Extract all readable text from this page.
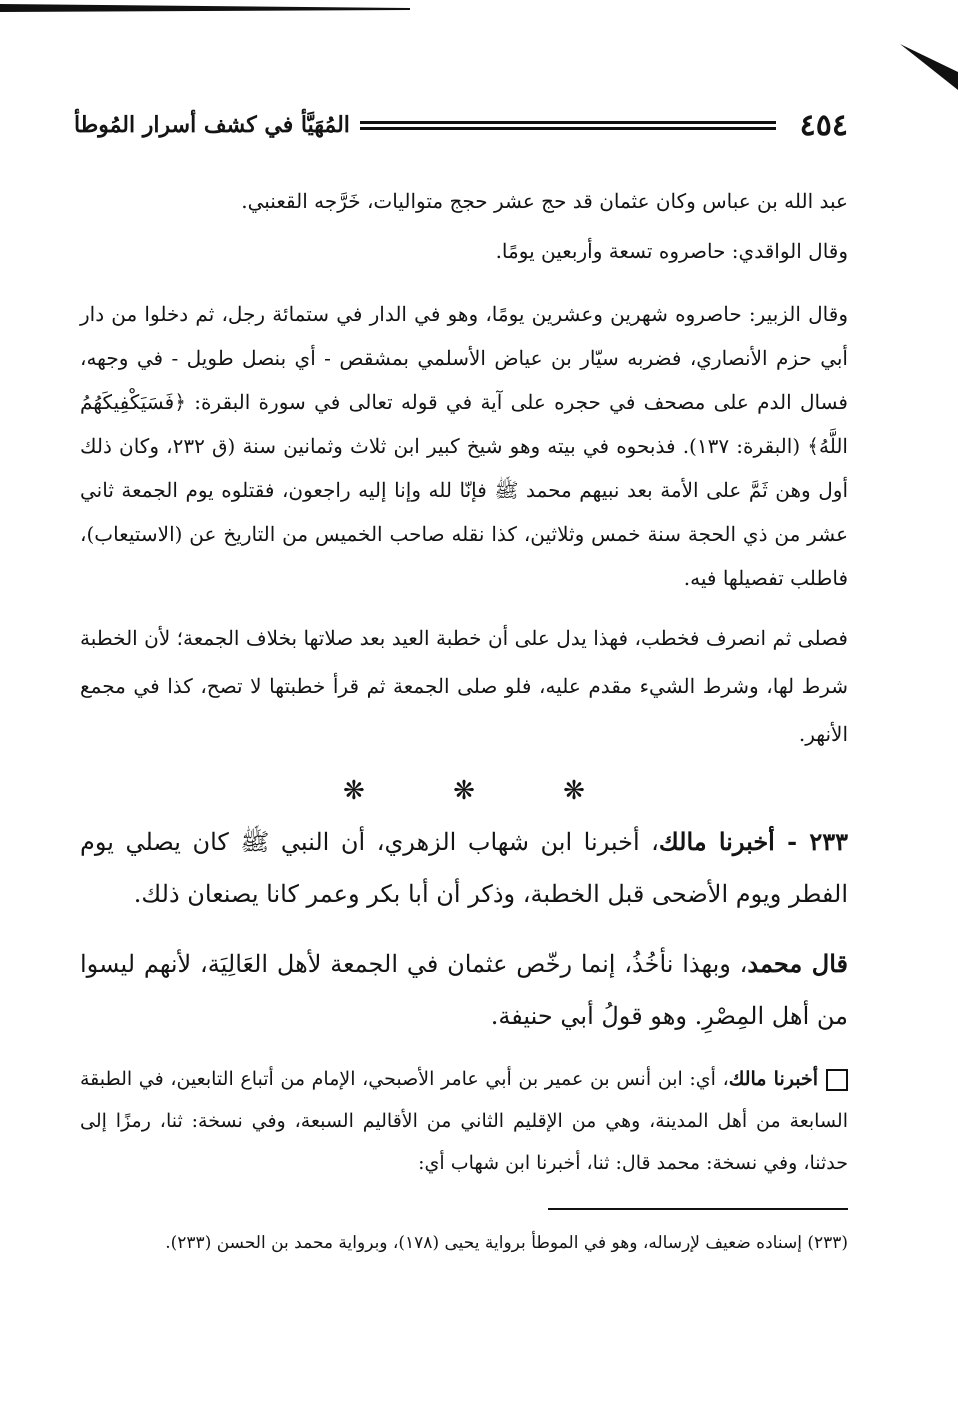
٤٥٤
المُهَيَّأ في كشف أسرار المُوطأ

عبد الله بن عباس وكان عثمان قد حج عشر حجج متواليات، خَرَّجه القعنبي.

وقال الواقدي: حاصروه تسعة وأربعين يومًا.

وقال الزبير: حاصروه شهرين وعشرين يومًا، وهو في الدار في ستمائة رجل، ثم دخلوا من دار أبي حزم الأنصاري، فضربه سيّار بن عياض الأسلمي بمشقص - أي بنصل طويل - في وجهه، فسال الدم على مصحف في حجره على آية في قوله تعالى في سورة البقرة: ﴿فَسَيَكْفِيكَهُمُ اللَّهُ﴾ (البقرة: ١٣٧). فذبحوه في بيته وهو شيخ كبير ابن ثلاث وثمانين سنة (ق ٢٣٢، وكان ذلك أول وهن ثَمَّ على الأمة بعد نبيهم محمد ﷺ فإنّا لله وإنا إليه راجعون، فقتلوه يوم الجمعة ثاني عشر من ذي الحجة سنة خمس وثلاثين، كذا نقله صاحب الخميس من التاريخ عن (الاستيعاب)، فاطلب تفصيلها فيه.

فصلى ثم انصرف فخطب، فهذا يدل على أن خطبة العيد بعد صلاتها بخلاف الجمعة؛ لأن الخطبة شرط لها، وشرط الشيء مقدم عليه، فلو صلى الجمعة ثم قرأ خطبتها لا تصح، كذا في مجمع الأنهر.

❋ ❋ ❋

٢٣٣ - أخبرنا مالك، أخبرنا ابن شهاب الزهري، أن النبي ﷺ كان يصلي يوم الفطر ويوم الأضحى قبل الخطبة، وذكر أن أبا بكر وعمر كانا يصنعان ذلك.

قال محمد، وبهذا نأخُذُ، إنما رخّص عثمان في الجمعة لأهل العَالِيَة، لأنهم ليسوا من أهل المِصْرِ. وهو قولُ أبي حنيفة.

أخبرنا مالك، أي: ابن أنس بن عمير بن أبي عامر الأصبحي، الإمام من أتباع التابعين، في الطبقة السابعة من أهل المدينة، وهي من الإقليم الثاني من الأقاليم السبعة، وفي نسخة: ثنا، رمزًا إلى حدثنا، وفي نسخة: محمد قال: ثنا، أخبرنا ابن شهاب أي:

(٢٣٣) إسناده ضعيف لإرساله، وهو في الموطأ برواية يحيى (١٧٨)، وبرواية محمد بن الحسن (٢٣٣).
